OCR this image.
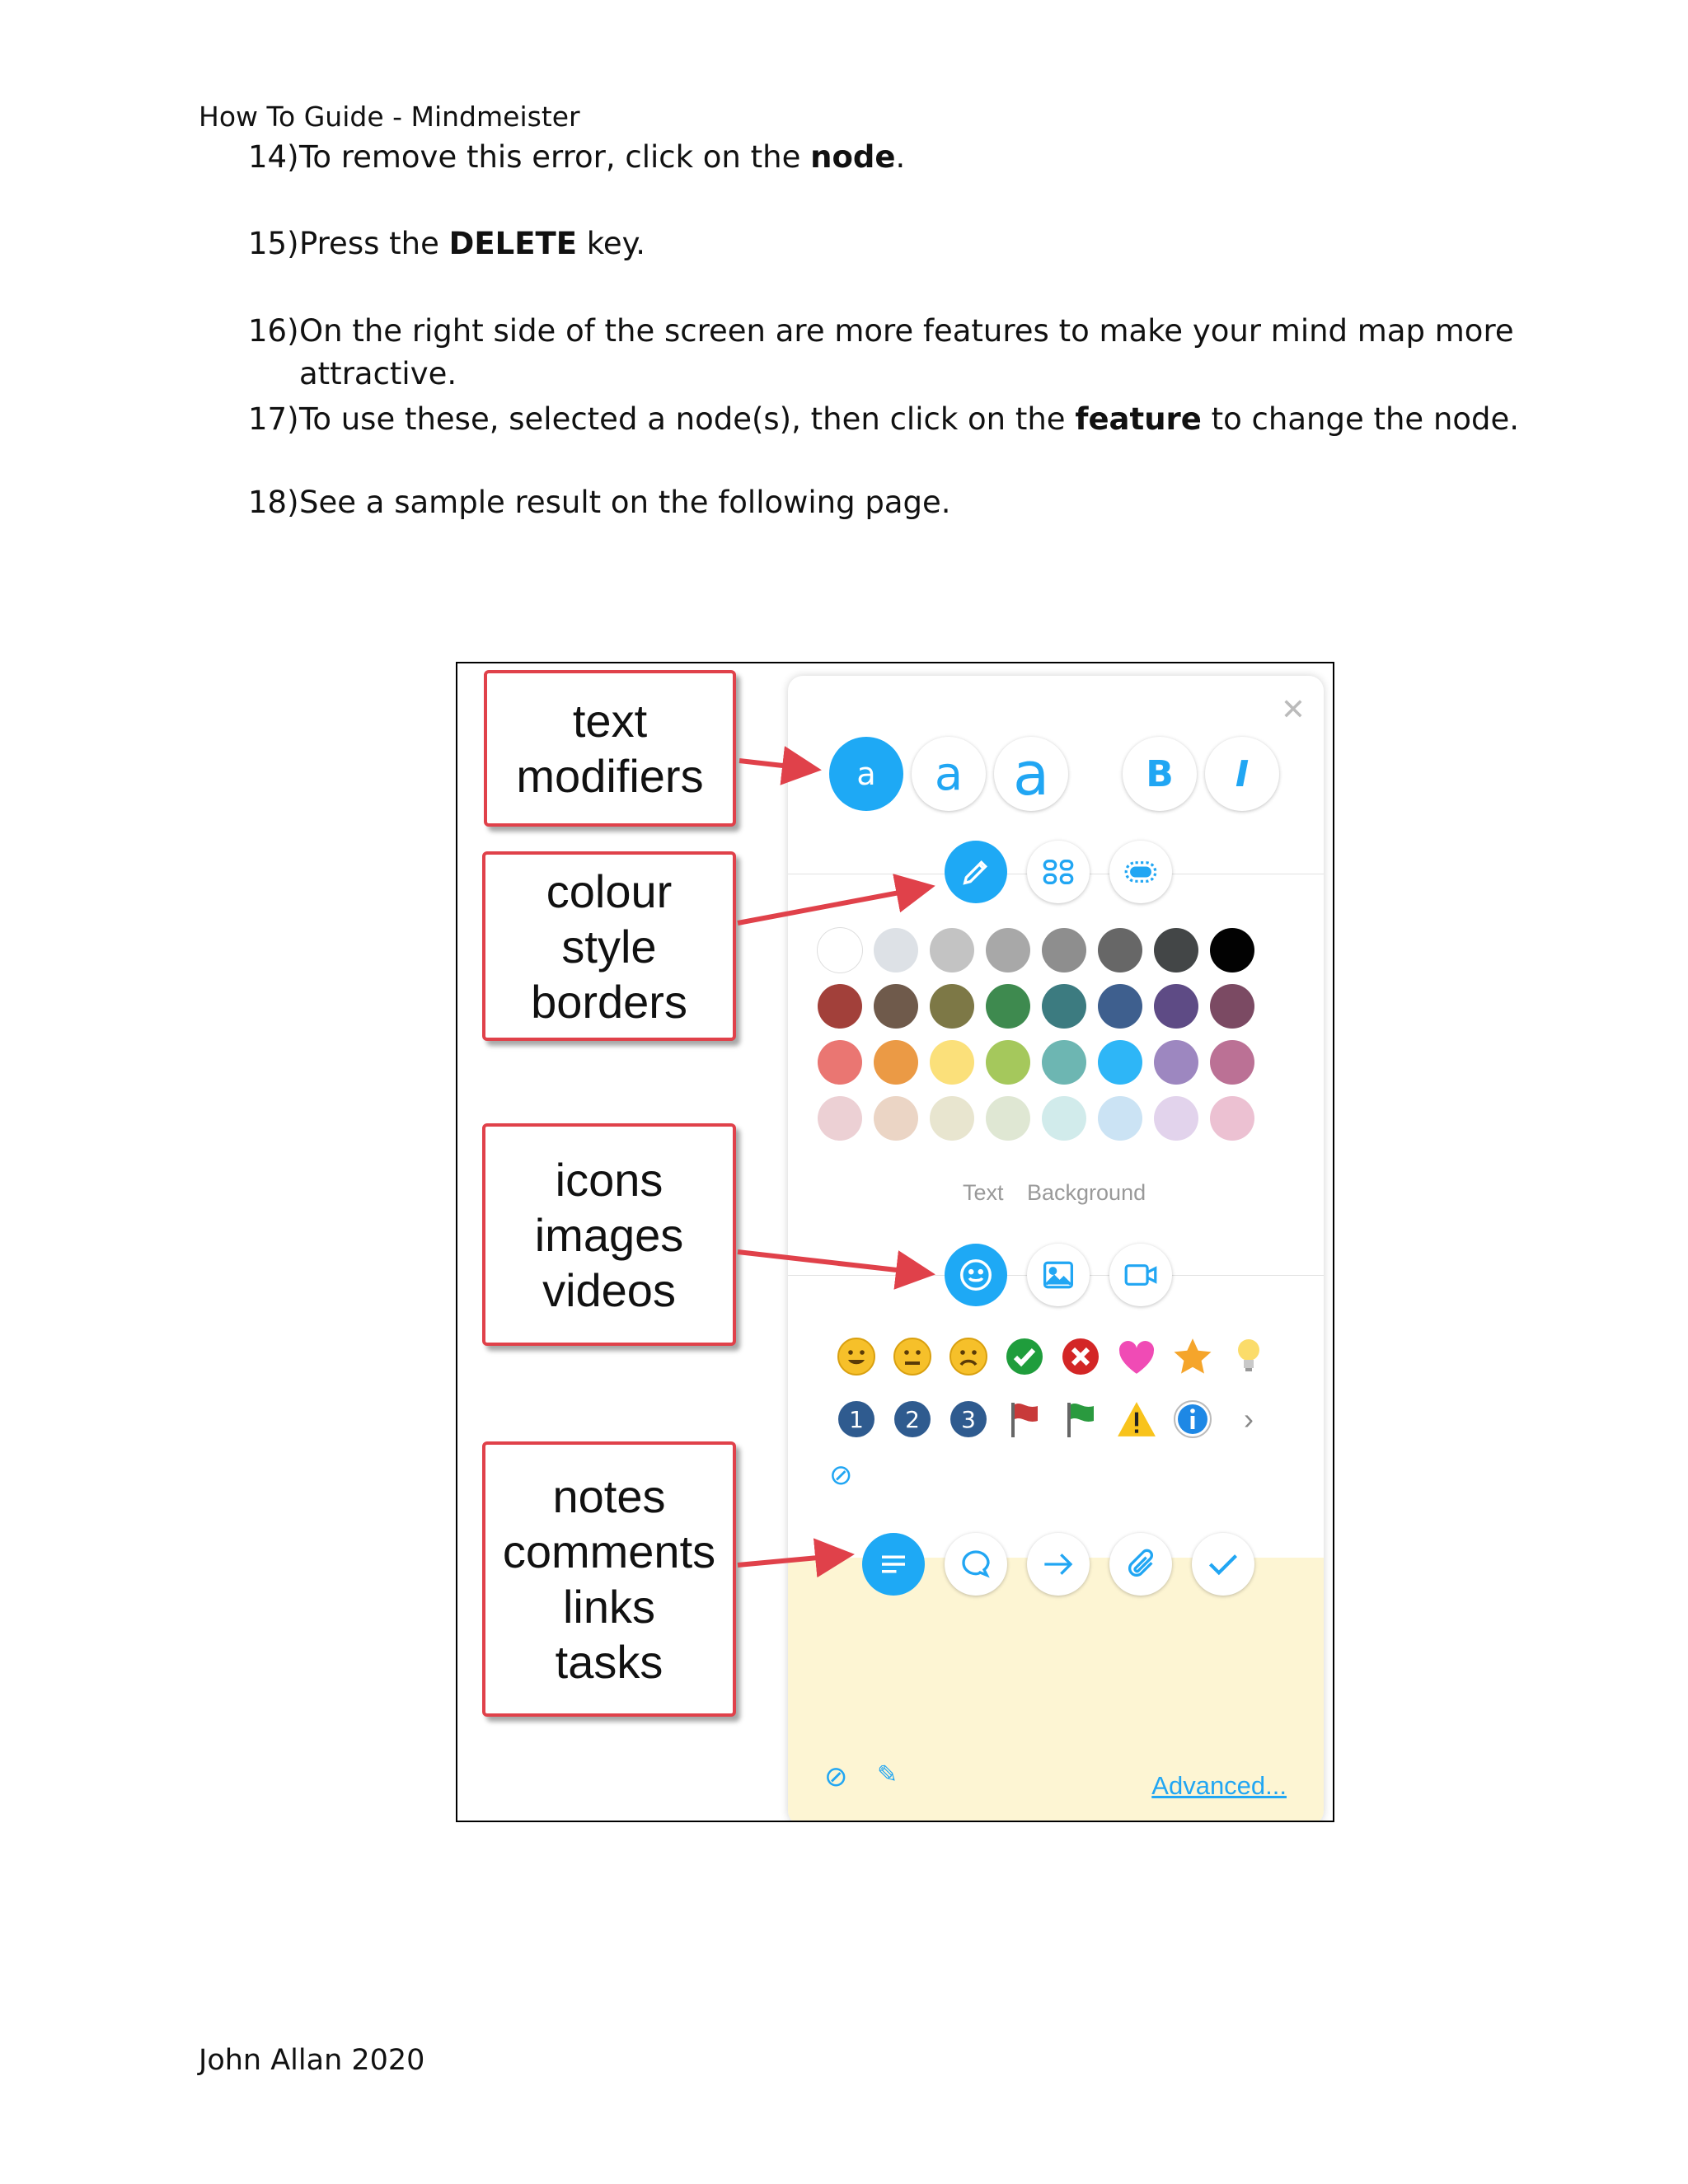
How To Guide - Mindmeister
14)To remove this error, click on the node.
15)Press the DELETE key.
16)On the right side of the screen are more features to make your mind map more
attractive.
17)To use these, selected a node(s), then click on the feature to change the node.
18)See a sample result on the following page.
John Allan 2020
text
modifiers
colour
style
borders
icons
images
videos
notes
comments
links
tasks
✕
a	a a	B	I
Text Background
1	2	3	›
⊘
⊘ ✎	Advanced...
